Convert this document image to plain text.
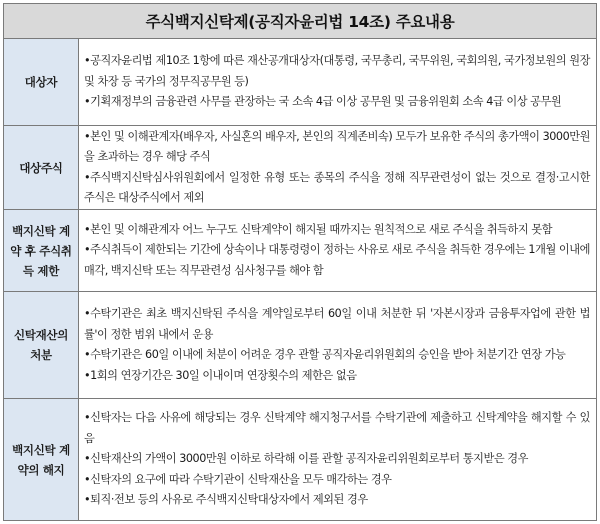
주식백지신탁제(공직자윤리법 14조) 주요내용
대상자
•공직자윤리법 제10조 1항에 따른 재산공개대상자(대통령, 국무총리, 국무위원, 국회의원, 국가정보원의 원장 및 차장 등 국가의 정무직공무원 등)
•기획재정부의 금융관련 사무를 관장하는 국 소속 4급 이상 공무원 및 금융위원회 소속 4급 이상 공무원
대상주식
•본인 및 이해관계자(배우자, 사실혼의 배우자, 본인의 직계존비속) 모두가 보유한 주식의 총가액이 3000만원을 초과하는 경우 해당 주식
•주식백지신탁심사위원회에서 일정한 유형 또는 종목의 주식을 정해 직무관련성이 없는 것으로 결정·고시한 주식은 대상주식에서 제외
백지신탁 계약 후 주식취득 제한
•본인 및 이해관계자 어느 누구도 신탁계약이 해지될 때까지는 원칙적으로 새로 주식을 취득하지 못함
•주식취득이 제한되는 기간에 상속이나 대통령령이 정하는 사유로 새로 주식을 취득한 경우에는 1개월 이내에 매각, 백지신탁 또는 직무관련성 심사청구를 해야 함
신탁재산의 처분
•수탁기관은 최초 백지신탁된 주식을 계약일로부터 60일 이내 처분한 뒤 '자본시장과 금융투자업에 관한 법률'이 정한 범위 내에서 운용
•수탁기관은 60일 이내에 처분이 어려운 경우 관할 공직자윤리위원회의 승인을 받아 처분기간 연장 가능
•1회의 연장기간은 30일 이내이며 연장횟수의 제한은 없음
백지신탁 계약의 해지
•신탁자는 다음 사유에 해당되는 경우 신탁계약 해지청구서를 수탁기관에 제출하고 신탁계약을 해지할 수 있음
•신탁재산의 가액이 3000만원 이하로 하락해 이를 관할 공직자윤리위원회로부터 통지받은 경우
•신탁자의 요구에 따라 수탁기관이 신탁재산을 모두 매각하는 경우
•퇴직·전보 등의 사유로 주식백지신탁대상자에서 제외된 경우
